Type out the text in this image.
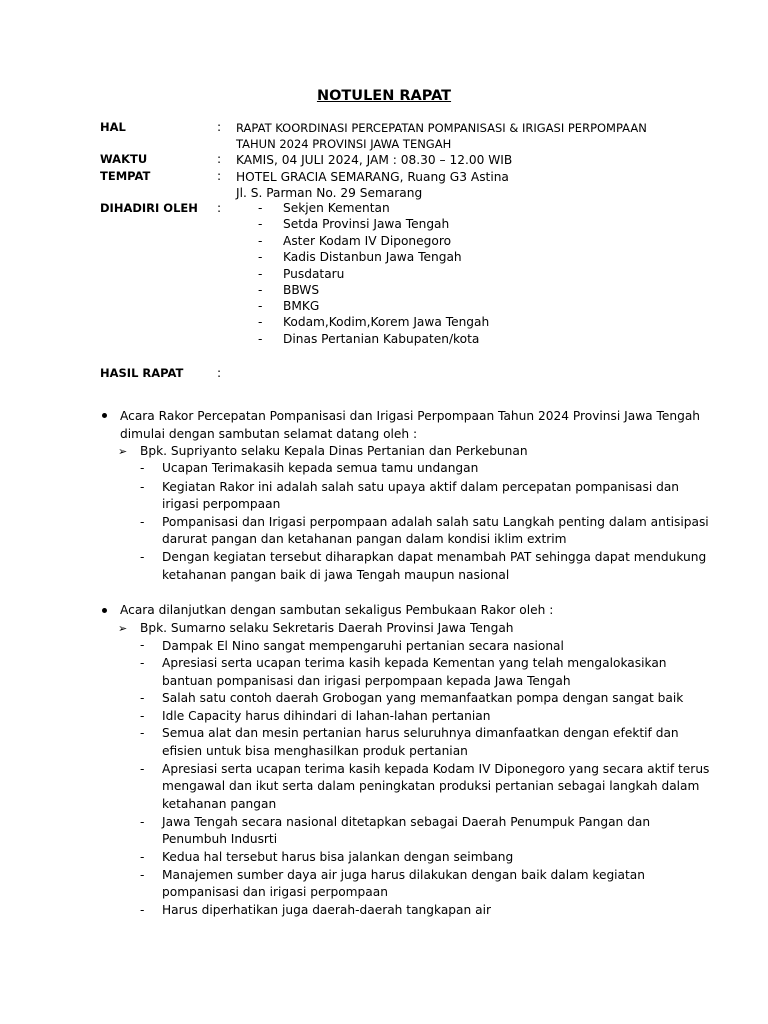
NOTULEN RAPAT
HAL	: RAPAT KOORDINASI PERCEPATAN POMPANISASI & IRIGASI PERPOMPAAN
TAHUN 2024 PROVINSI JAWA TENGAH
WAKTU	: KAMIS, 04 JULI 2024, JAM : 08.30 – 12.00 WIB
TEMPAT	: HOTEL GRACIA SEMARANG, Ruang G3 Astina
Jl. S. Parman No. 29 Semarang
DIHADIRI OLEH :	- Sekjen Kementan
- Setda Provinsi Jawa Tengah
- Aster Kodam IV Diponegoro
- Kadis Distanbun Jawa Tengah
- Pusdataru
- BBWS
- BMKG
- Kodam,Kodim,Korem Jawa Tengah
- Dinas Pertanian Kabupaten/kota
HASIL RAPAT	:
Acara Rakor Percepatan Pompanisasi dan Irigasi Perpompaan Tahun 2024 Provinsi Jawa Tengah
dimulai dengan sambutan selamat datang oleh :
➢ Bpk. Supriyanto selaku Kepala Dinas Pertanian dan Perkebunan
- Ucapan Terimakasih kepada semua tamu undangan
- Kegiatan Rakor ini adalah salah satu upaya aktif dalam percepatan pompanisasi dan
irigasi perpompaan
- Pompanisasi dan Irigasi perpompaan adalah salah satu Langkah penting dalam antisipasi
darurat pangan dan ketahanan pangan dalam kondisi iklim extrim
- Dengan kegiatan tersebut diharapkan dapat menambah PAT sehingga dapat mendukung
ketahanan pangan baik di jawa Tengah maupun nasional
Acara dilanjutkan dengan sambutan sekaligus Pembukaan Rakor oleh :
➢ Bpk. Sumarno selaku Sekretaris Daerah Provinsi Jawa Tengah
- Dampak El Nino sangat mempengaruhi pertanian secara nasional
- Apresiasi serta ucapan terima kasih kepada Kementan yang telah mengalokasikan
bantuan pompanisasi dan irigasi perpompaan kepada Jawa Tengah
- Salah satu contoh daerah Grobogan yang memanfaatkan pompa dengan sangat baik
- Idle Capacity harus dihindari di lahan-lahan pertanian
- Semua alat dan mesin pertanian harus seluruhnya dimanfaatkan dengan efektif dan
efisien untuk bisa menghasilkan produk pertanian
- Apresiasi serta ucapan terima kasih kepada Kodam IV Diponegoro yang secara aktif terus
mengawal dan ikut serta dalam peningkatan produksi pertanian sebagai langkah dalam
ketahanan pangan
- Jawa Tengah secara nasional ditetapkan sebagai Daerah Penumpuk Pangan dan
Penumbuh Indusrti
- Kedua hal tersebut harus bisa jalankan dengan seimbang
- Manajemen sumber daya air juga harus dilakukan dengan baik dalam kegiatan
pompanisasi dan irigasi perpompaan
- Harus diperhatikan juga daerah-daerah tangkapan air
